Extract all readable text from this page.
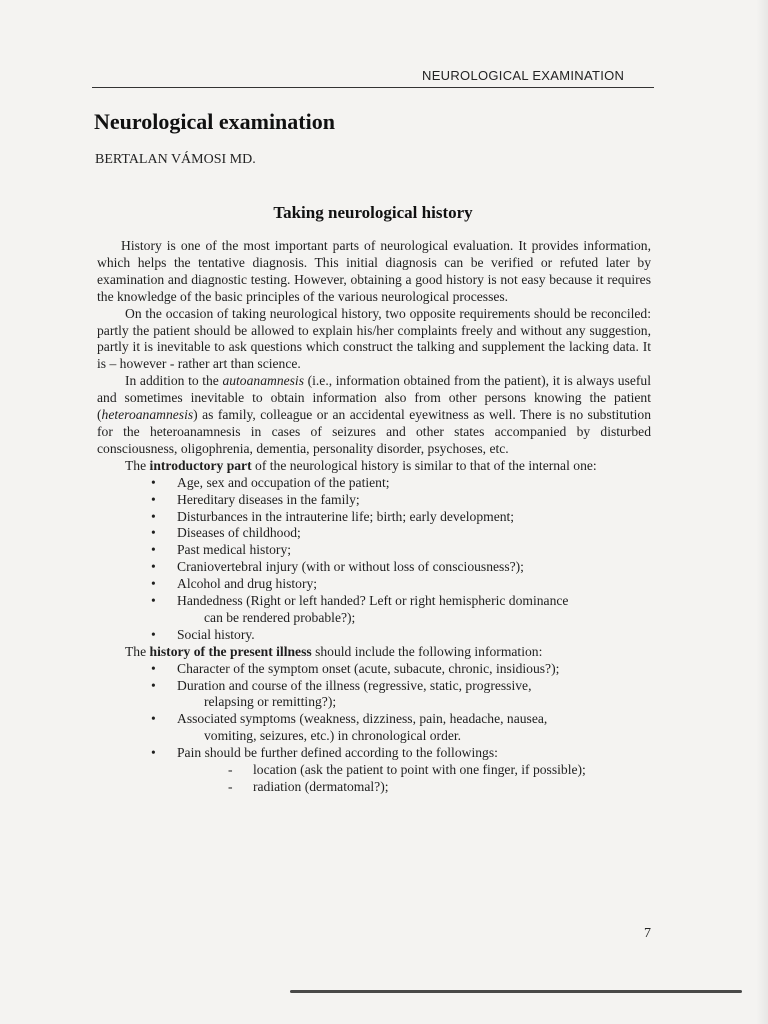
NEUROLOGICAL EXAMINATION
Neurological examination
BERTALAN VÁMOSI MD.
Taking neurological history

History is one of the most important parts of neurological evaluation. It provides information, which helps the tentative diagnosis. This initial diagnosis can be verified or refuted later by examination and diagnostic testing. However, obtaining a good history is not easy because it requires the knowledge of the basic principles of the various neurological processes.

On the occasion of taking neurological history, two opposite requirements should be reconciled: partly the patient should be allowed to explain his/her complaints freely and without any suggestion, partly it is inevitable to ask questions which construct the talking and supplement the lacking data. It is – however - rather art than science.

In addition to the autoanamnesis (i.e., information obtained from the patient), it is always useful and sometimes inevitable to obtain information also from other persons knowing the patient (heteroanamnesis) as family, colleague or an accidental eyewitness as well. There is no substitution for the heteroanamnesis in cases of seizures and other states accompanied by disturbed consciousness, oligophrenia, dementia, personality disorder, psychoses, etc.

The introductory part of the neurological history is similar to that of the internal one:

• Age, sex and occupation of the patient;
• Hereditary diseases in the family;
• Disturbances in the intrauterine life; birth; early development;
• Diseases of childhood;
• Past medical history;
• Craniovertebral injury (with or without loss of consciousness?);
• Alcohol and drug history;
• Handedness (Right or left handed? Left or right hemispheric dominance
can be rendered probable?);
• Social history.

The history of the present illness should include the following information:

• Character of the symptom onset (acute, subacute, chronic, insidious?);
• Duration and course of the illness (regressive, static, progressive,
relapsing or remitting?);
• Associated symptoms (weakness, dizziness, pain, headache, nausea,
vomiting, seizures, etc.) in chronological order.
• Pain should be further defined according to the followings:
- location (ask the patient to point with one finger, if possible);
- radiation (dermatomal?);
7
